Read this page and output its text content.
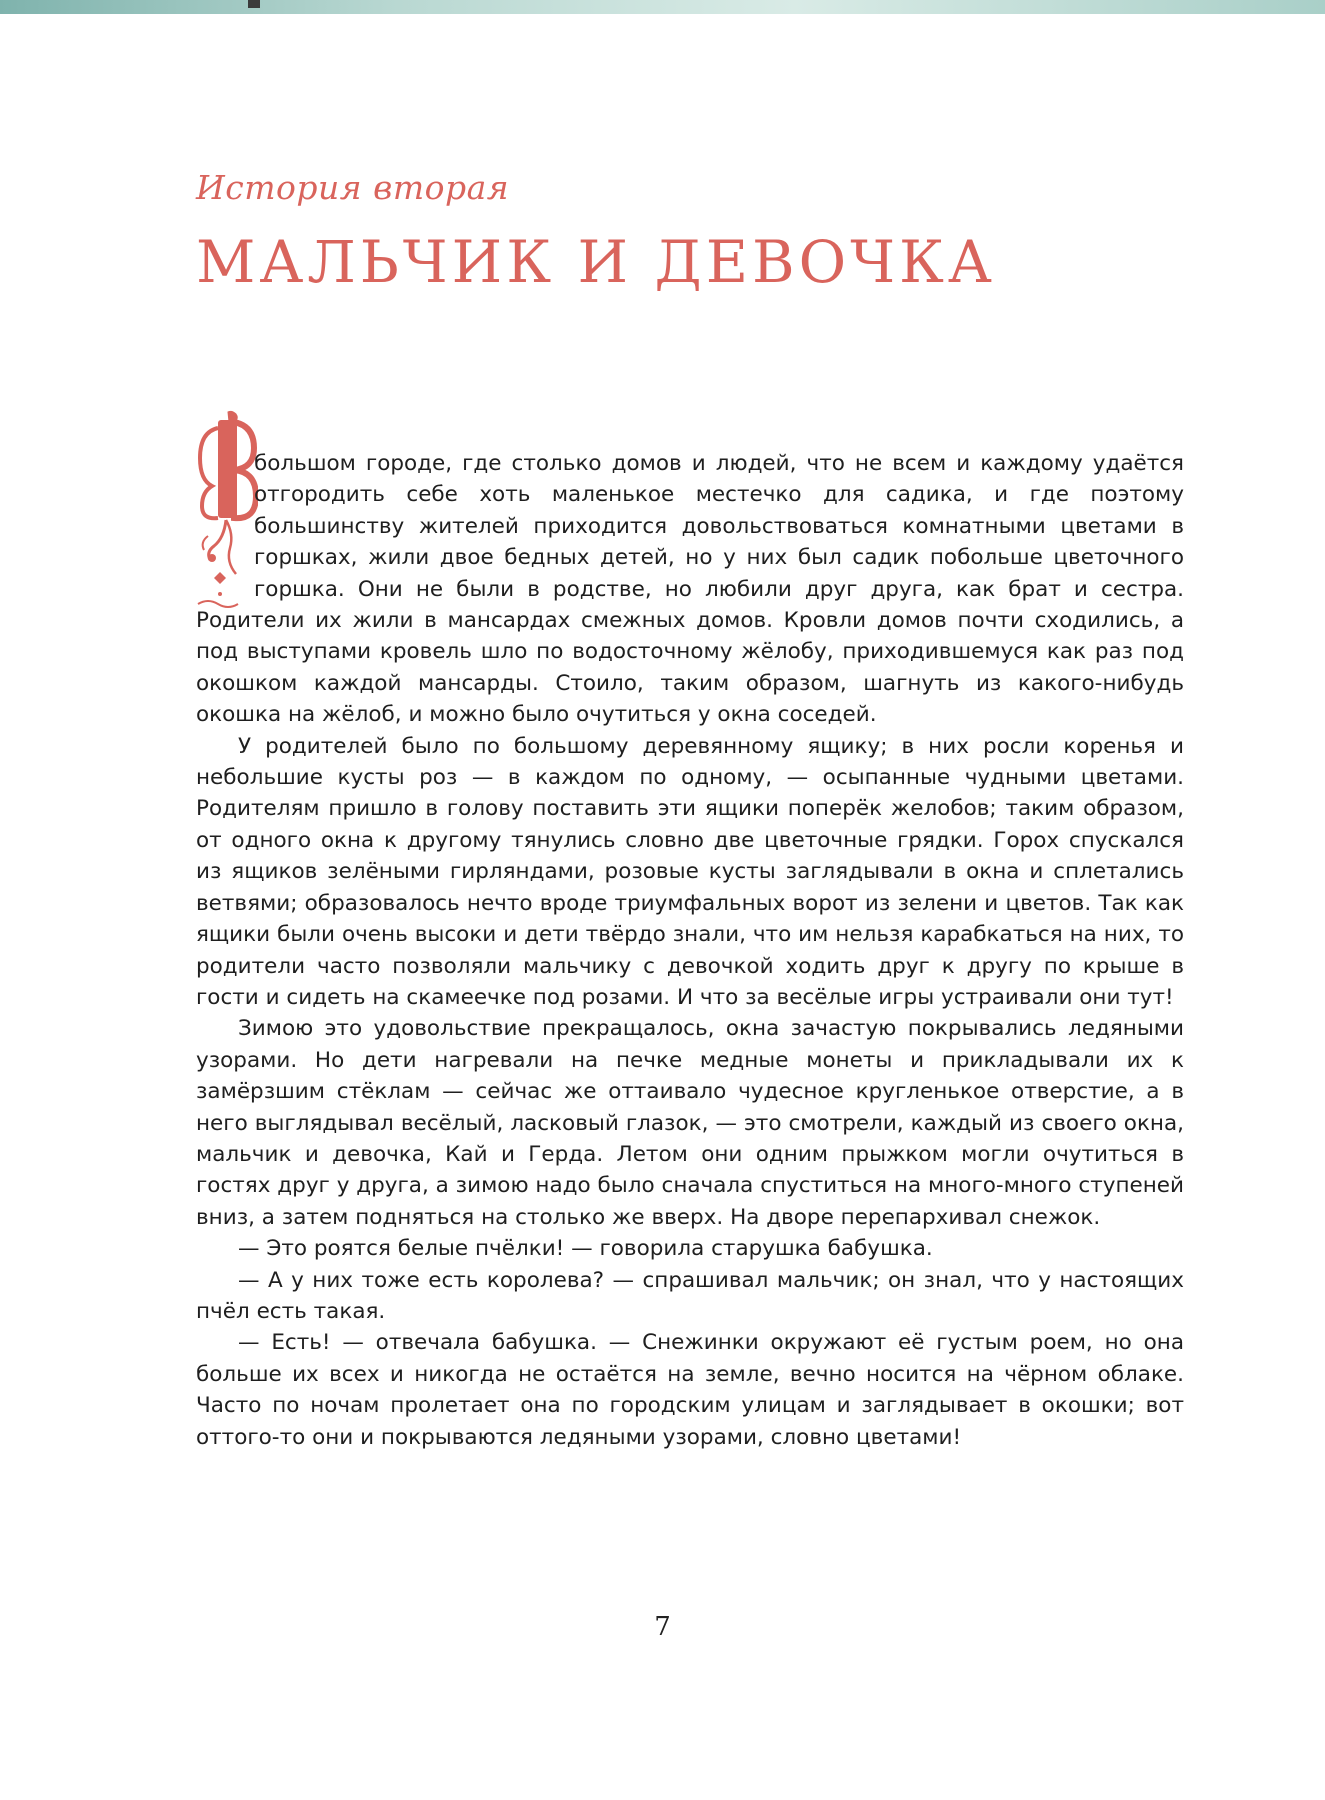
История вторая
МАЛЬЧИК И ДЕВОЧКА

большом городе, где столько домов и людей, что не всем и каждому удаётся отгородить себе хоть маленькое местечко для садика, и где поэтому большинству жителей приходится довольствоваться комнатными цветами в горшках, жили двое бедных детей, но у них был садик побольше цветочного горшка. Они не были в родстве, но любили друг друга, как брат и сестра. Родители их жили в мансардах смежных домов. Кровли домов почти сходились, а под выступами кровель шло по водосточному жёлобу, приходившемуся как раз под окошком каждой мансарды. Стоило, таким образом, шагнуть из какого-нибудь окошка на жёлоб, и можно было очутиться у окна соседей.

У родителей было по большому деревянному ящику; в них росли коренья и небольшие кусты роз — в каждом по одному, — осыпанные чудными цветами. Родителям пришло в голову поставить эти ящики поперёк желобов; таким образом, от одного окна к другому тянулись словно две цветочные грядки. Горох спускался из ящиков зелёными гирляндами, розовые кусты заглядывали в окна и сплетались ветвями; образовалось нечто вроде триумфальных ворот из зелени и цветов. Так как ящики были очень высоки и дети твёрдо знали, что им нельзя карабкаться на них, то родители часто позволяли мальчику с девочкой ходить друг к другу по крыше в гости и сидеть на скамеечке под розами. И что за весёлые игры устраивали они тут!

Зимою это удовольствие прекращалось, окна зачастую покрывались ледяными узорами. Но дети нагревали на печке медные монеты и прикладывали их к замёрзшим стёклам — сейчас же оттаивало чудесное кругленькое отверстие, а в него выглядывал весёлый, ласковый глазок, — это смотрели, каждый из своего окна, мальчик и девочка, Кай и Герда. Летом они одним прыжком могли очутиться в гостях друг у друга, а зимою надо было сначала спуститься на много-много ступеней вниз, а затем подняться на столько же вверх. На дворе перепархивал снежок.

— Это роятся белые пчёлки! — говорила старушка бабушка.

— А у них тоже есть королева? — спрашивал мальчик; он знал, что у настоящих пчёл есть такая.

— Есть! — отвечала бабушка. — Снежинки окружают её густым роем, но она больше их всех и никогда не остаётся на земле, вечно носится на чёрном облаке. Часто по ночам пролетает она по городским улицам и заглядывает в окошки; вот оттого-то они и покрываются ледяными узорами, словно цветами!

7
